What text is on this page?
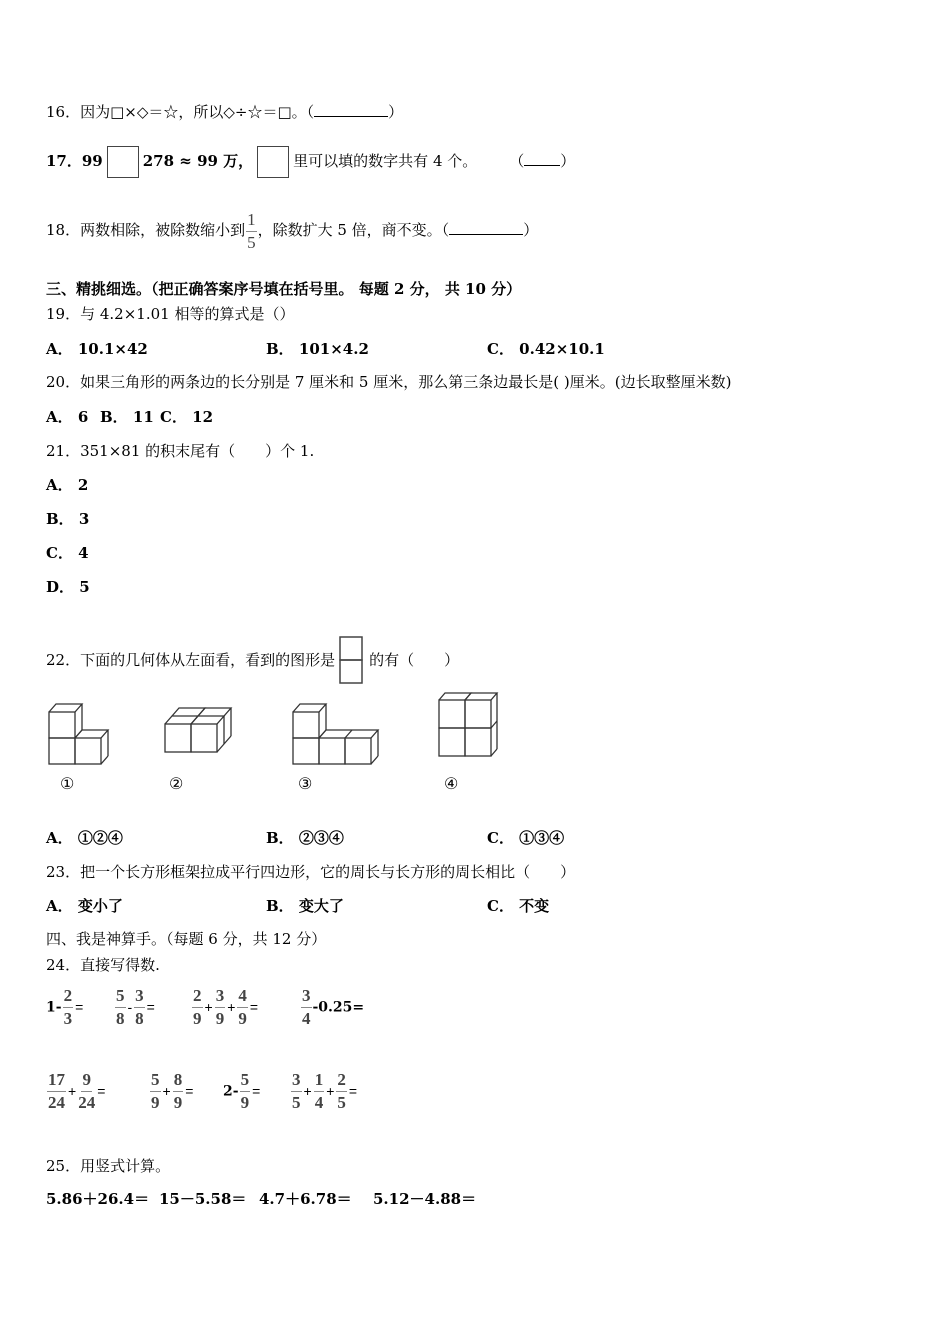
16．因为□×◇＝☆，所以◇÷☆＝□。（	）
17．99	278 ≈ 99 万，	里可以填的数字共有 4 个。 （ ）
18．两数相除，被除数缩小到 $\frac{1}{5}$ ，除数扩大 5 倍，商不变。（	）
三、精挑细选。（把正确答案序号填在括号里。 每题 2 分， 共 10 分）
19．与 4.2×1.01 相等的算式是（）
A． 10.1×42	B． 101×4.2	C． 0.42×10.1
20．如果三角形的两条边的长分别是 7 厘米和 5 厘米，那么第三条边最长是( )厘米。(边长取整厘米数)
A． 6 B． 11 C． 12
21．351×81 的积末尾有（　　）个 1.
A． 2
B． 3
C． 4
D． 5
22．下面的几何体从左面看，看到的图形是 的有（　　）
①	②	③	④
A． ①②④	B． ②③④	C． ①③④
23．把一个长方形框架拉成平行四边形，它的周长与长方形的周长相比（　　）
A． 变小了	B． 变大了	C． 不变
四、我是神算手。（每题 6 分，共 12 分）
24．直接写得数.
$1- \frac{2}{3} = \frac{5}{8} - \frac{3}{8} = \frac{2}{9} + \frac{3}{9} + \frac{4}{9}$ =	$\frac{3}{4} -0.25=$
$\frac{17}{24} + \frac{9}{24}$ =	$\frac{5}{9} + \frac{8}{9} = 2- \frac{5}{9} = \frac{3}{5} + \frac{1}{4} + \frac{2}{5}$ =
25．用竖式计算。
5.86＋26.4＝ 15－5.58＝ 4.7＋6.78＝ 5.12－4.88＝
